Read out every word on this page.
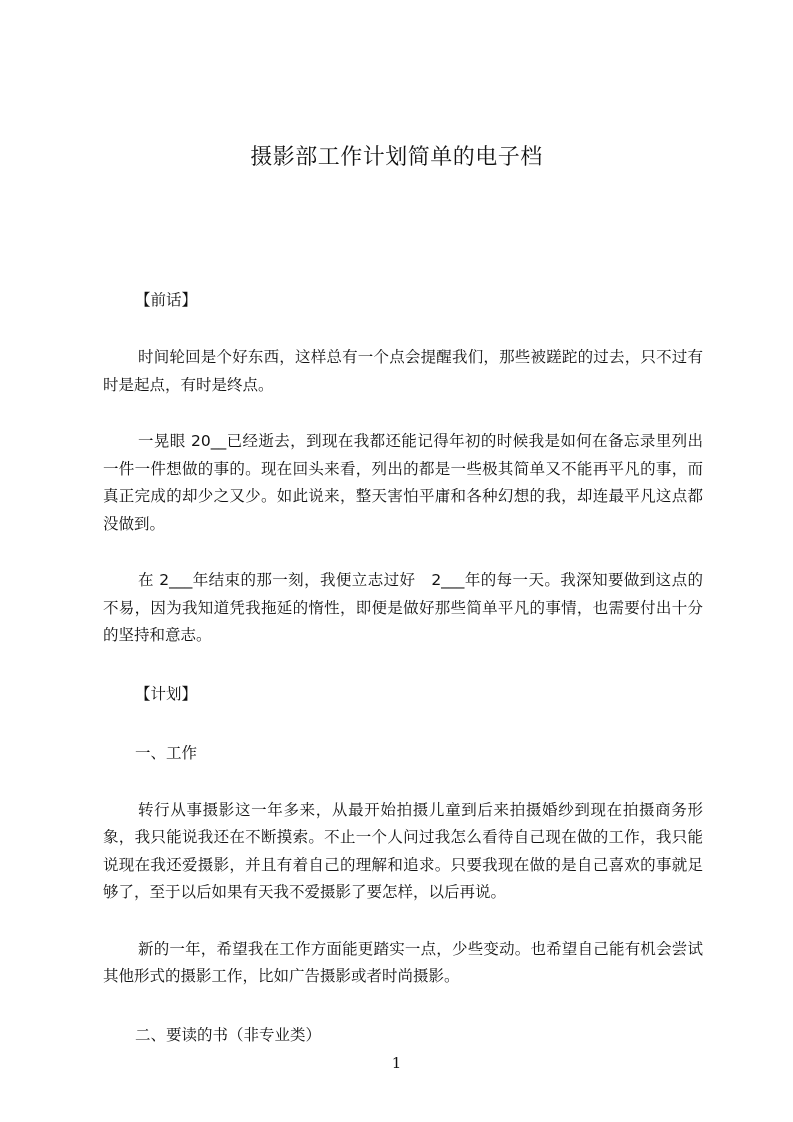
摄影部工作计划简单的电子档

【前话】

时间轮回是个好东西，这样总有一个点会提醒我们，那些被蹉跎的过去，只不过有时是起点，有时是终点。

一晃眼 20__已经逝去，到现在我都还能记得年初的时候我是如何在备忘录里列出一件一件想做的事的。现在回头来看，列出的都是一些极其简单又不能再平凡的事，而真正完成的却少之又少。如此说来，整天害怕平庸和各种幻想的我，却连最平凡这点都没做到。

在 2___年结束的那一刻，我便立志过好　2___年的每一天。我深知要做到这点的不易，因为我知道凭我拖延的惰性，即便是做好那些简单平凡的事情，也需要付出十分的坚持和意志。

【计划】

一、工作

转行从事摄影这一年多来，从最开始拍摄儿童到后来拍摄婚纱到现在拍摄商务形象，我只能说我还在不断摸索。不止一个人问过我怎么看待自己现在做的工作，我只能说现在我还爱摄影，并且有着自己的理解和追求。只要我现在做的是自己喜欢的事就足够了，至于以后如果有天我不爱摄影了要怎样，以后再说。

新的一年，希望我在工作方面能更踏实一点，少些变动。也希望自己能有机会尝试其他形式的摄影工作，比如广告摄影或者时尚摄影。

二、要读的书（非专业类）

1
